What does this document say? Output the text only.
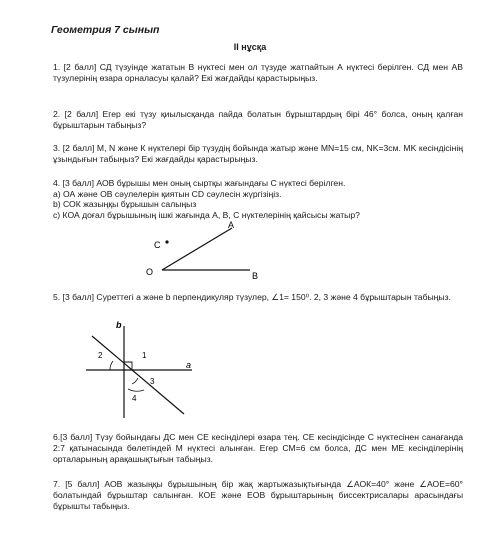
Геометрия 7 сынып
ІІ нұсқа
1. [2 балл] СД түзуінде жататын В нүктесі мен ол түзуде жатпайтын А нүктесі берілген. СД мен АВ түзулерінің өзара орналасуы қалай? Екі жағдайды қарастырыңыз.
2. [2 балл] Егер екі түзу қиылысқанда пайда болатын бұрыштардың бірі 46° болса, оның қалған бұрыштарын табыңыз?
3. [2 балл] M, N және К нүктелері бір түзудің бойында жатыр және MN=15 см, NK=3см. MK кесіндісінің ұзындығын табыңыз? Екі жағдайды қарастырыңыз.
4. [3 балл] АОВ бұрышы мен оның сыртқы жағындағы С нүктесі берілген.
а) ОА және ОВ сәулелерін қиятын СD сәулесін жүргізіңіз.
b) СОК жазыңқы бұрышын салыңыз
с) КОА доғал бұрышының ішкі жағында А, В, С нүктелерінің қайсысы жатыр?
A
B
C
O
5. [3 балл] Суреттегі a және b перпендикуляр түзулер, ∠1= 150⁰. 2, 3 және 4 бұрыштарын табыңыз.
b
a
1
2
3
4
6.[3 балл] Түзу бойындағы ДС мен СЕ кесінділері өзара тең. СЕ кесіндісінде С нүктесінен санағанда 2:7 қатынасында бөлетіндей М нүктесі алынған. Егер СМ=6 см болса, ДС мен МЕ кесінділерінің орталарының арақашықтығын табыңыз.
7. [5 балл] АОВ жазыңқы бұрышының бір жақ жартыжазықтығында ∠АОК=40° және ∠АОЕ=60° болатындай бұрыштар салынған. КОЕ және ЕОВ бұрыштарының биссектрисалары арасындағы бұрышты табыңыз.
